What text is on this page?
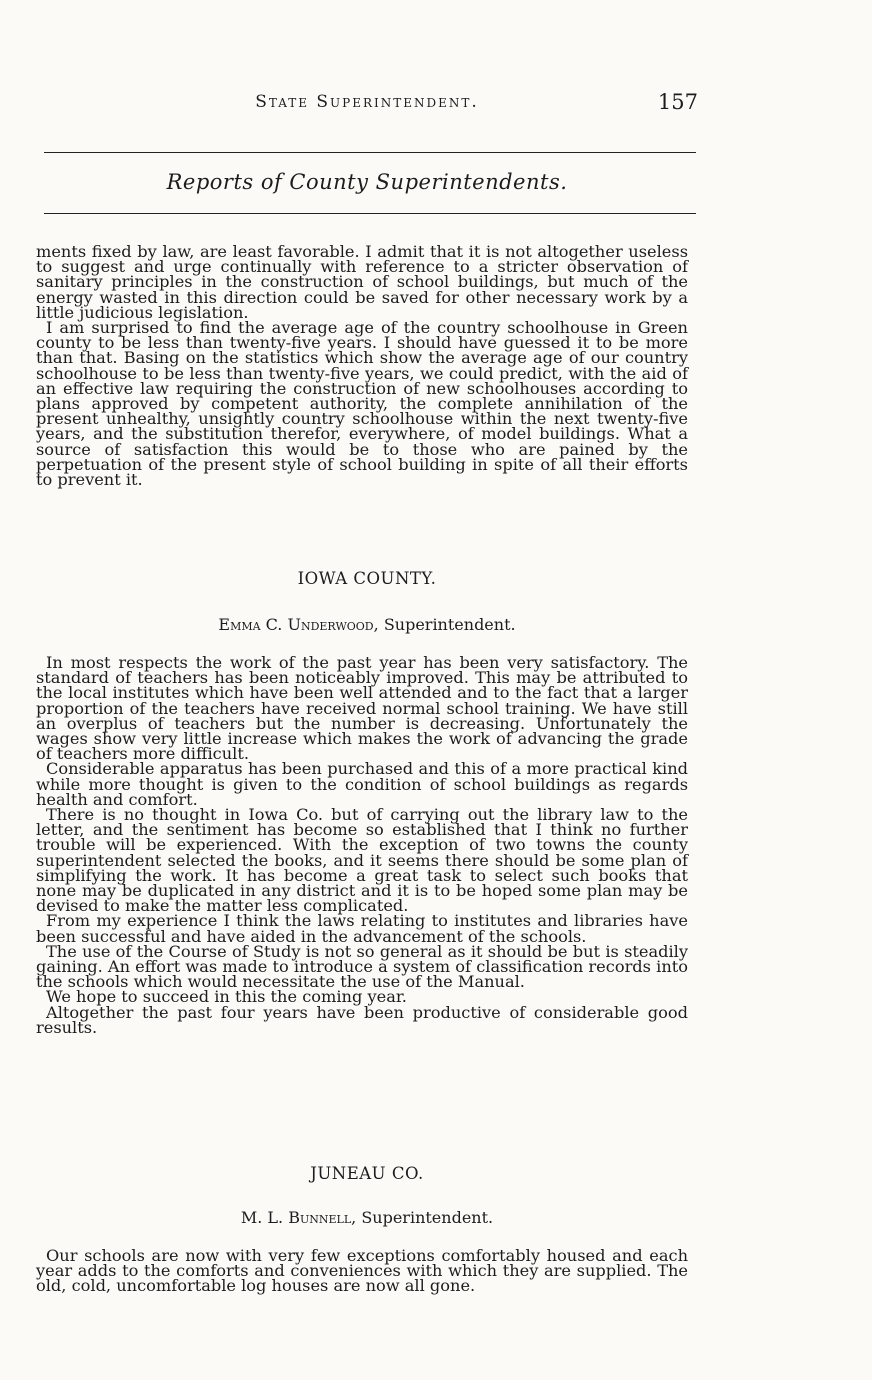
State Superintendent.	157
Reports of County Superintendents.

ments fixed by law, are least favorable. I admit that it is not altogether useless to suggest and urge continually with reference to a stricter observation of sanitary principles in the construction of school buildings, but much of the energy wasted in this direction could be saved for other necessary work by a little judicious legislation.

I am surprised to find the average age of the country schoolhouse in Green county to be less than twenty-five years. I should have guessed it to be more than that. Basing on the statistics which show the average age of our country schoolhouse to be less than twenty-five years, we could predict, with the aid of an effective law requiring the construction of new schoolhouses according to plans approved by competent authority, the complete annihilation of the present unhealthy, unsightly country schoolhouse within the next twenty-five years, and the substitution therefor, everywhere, of model buildings. What a source of satisfaction this would be to those who are pained by the perpetuation of the present style of school building in spite of all their efforts to prevent it.

IOWA COUNTY.
Emma C. Underwood, Superintendent.

In most respects the work of the past year has been very satisfactory. The standard of teachers has been noticeably improved. This may be attributed to the local institutes which have been well attended and to the fact that a larger proportion of the teachers have received normal school training. We have still an overplus of teachers but the number is decreasing. Unfortunately the wages show very little increase which makes the work of advancing the grade of teachers more difficult.

Considerable apparatus has been purchased and this of a more practical kind while more thought is given to the condition of school buildings as regards health and comfort.

There is no thought in Iowa Co. but of carrying out the library law to the letter, and the sentiment has become so established that I think no further trouble will be experienced. With the exception of two towns the county superintendent selected the books, and it seems there should be some plan of simplifying the work. It has become a great task to select such books that none may be duplicated in any district and it is to be hoped some plan may be devised to make the matter less complicated.

From my experience I think the laws relating to institutes and libraries have been successful and have aided in the advancement of the schools.

The use of the Course of Study is not so general as it should be but is steadily gaining. An effort was made to introduce a system of classification records into the schools which would necessitate the use of the Manual.

We hope to succeed in this the coming year.

Altogether the past four years have been productive of considerable good results.

JUNEAU CO.
M. L. Bunnell, Superintendent.

Our schools are now with very few exceptions comfortably housed and each year adds to the comforts and conveniences with which they are supplied. The old, cold, uncomfortable log houses are now all gone.
